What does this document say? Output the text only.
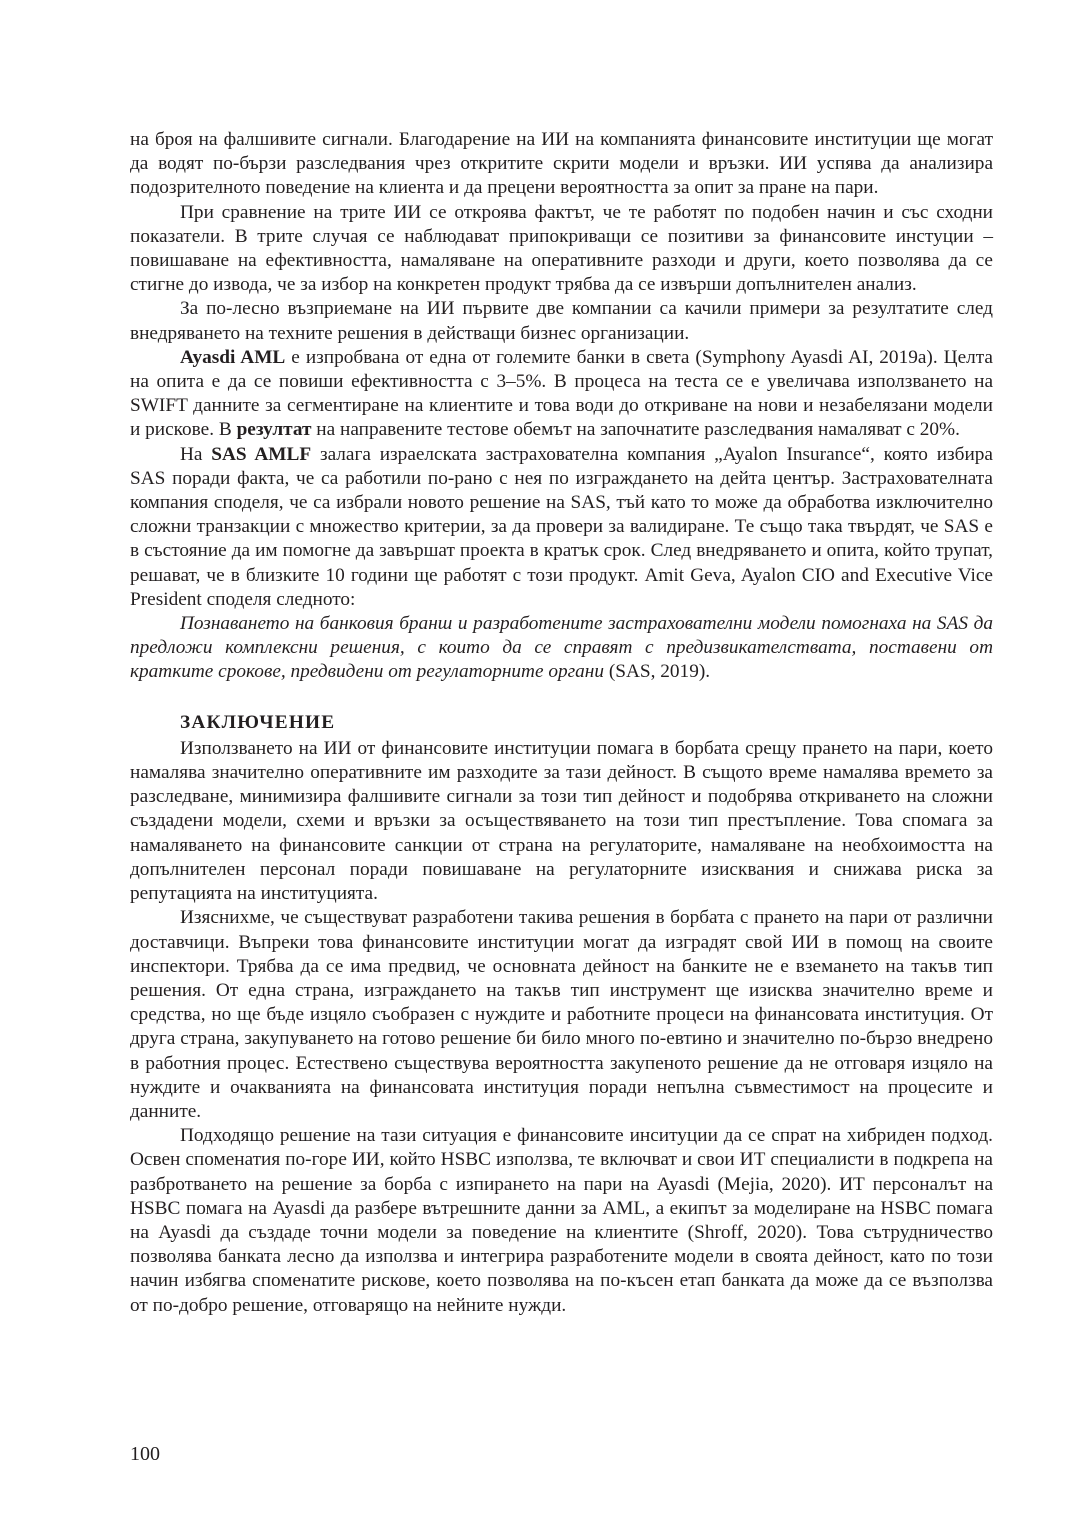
на броя на фалшивите сигнали. Благодарение на ИИ на компанията финансовите институции ще могат да водят по-бързи разследвания чрез откритите скрити модели и връзки. ИИ успява да анализира подозрителното поведение на клиента и да прецени вероятността за опит за пране на пари.

При сравнение на трите ИИ се откроява фактът, че те работят по подобен начин и със сходни показатели. В трите случая се наблюдават припокриващи се позитиви за финансовите инстуции – повишаване на ефективността, намаляване на оперативните разходи и други, което позволява да се стигне до извода, че за избор на конкретен продукт трябва да се извърши допълнителен анализ.

За по-лесно възприемане на ИИ първите две компании са качили примери за резултатите след внедряването на техните решения в действащи бизнес организации.

Ayasdi AML е изпробвана от една от големите банки в света (Symphony Ayasdi AI, 2019a). Целта на опита е да се повиши ефективността с 3–5%. В процеса на теста се е увеличава използването на SWIFT данните за сегментиране на клиентите и това води до откриване на нови и незабелязани модели и рискове. В резултат на направените тестове обемът на започнатите разследвания намаляват с 20%.

На SAS AMLF залага израелската застрахователна компания „Ayalon Insurance“, която избира SAS поради факта, че са работили по-рано с нея по изграждането на дейта център. Застрахователната компания споделя, че са избрали новото решение на SAS, тъй като то може да обработва изключително сложни транзакции с множество критерии, за да провери за валидиране. Те също така твърдят, че SAS е в състояние да им помогне да завършат проекта в кратък срок. След внедряването и опита, който трупат, решават, че в близките 10 години ще работят с този продукт. Amit Geva, Ayalon CIO and Executive Vice President споделя следното:

Познаването на банковия бранш и разработените застрахователни модели помогнаха на SAS да предложи комплексни решения, с които да се справят с предизвикателствата, поставени от кратките срокове, предвидени от регулаторните органи (SAS, 2019).

ЗАКЛЮЧЕНИЕ

Използването на ИИ от финансовите институции помага в борбата срещу прането на пари, което намалява значително оперативните им разходите за тази дейност. В същото време намалява времето за разследване, минимизира фалшивите сигнали за този тип дейност и подобрява откриването на сложни създадени модели, схеми и връзки за осъществяването на този тип престъпление. Това спомага за намаляването на финансовите санкции от страна на регулаторите, намаляване на необхоимостта на допълнителен персонал поради повишаване на регулаторните изисквания и снижава риска за репутацията на институцията.

Изяснихме, че съществуват разработени такива решения в борбата с прането на пари от различни доставчици. Въпреки това финансовите институции могат да изградят свой ИИ в помощ на своите инспектори. Трябва да се има предвид, че основната дейност на банките не е вземането на такъв тип решения. От една страна, изграждането на такъв тип инструмент ще изисква значително време и средства, но ще бъде изцяло съобразен с нуждите и работните процеси на финансовата институция. От друга страна, закупуването на готово решение би било много по-евтино и значително по-бързо внедрено в работния процес. Естествено съществува вероятността закупеното решение да не отговаря изцяло на нуждите и очакванията на финансовата институция поради непълна съвместимост на процесите и данните.

Подходящо решение на тази ситуация е финансовите инситуции да се спрат на хибриден подход. Освен споменатия по-горе ИИ, който HSBC използва, те включват и свои ИТ специалисти в подкрепа на разбротването на решение за борба с изпирането на пари на Ayasdi (Mejia, 2020). ИТ персоналът на HSBC помага на Ayasdi да разбере вътрешните данни за AML, а екипът за моделиране на HSBC помага на Ayasdi да създаде точни модели за поведение на клиентите (Shroff, 2020). Това сътрудничество позволява банката лесно да използва и интегрира разработените модели в своята дейност, като по този начин избягва споменатите рискове, което позволява на по-късен етап банката да може да се възползва от по-добро решение, отговарящо на нейните нужди.

100
